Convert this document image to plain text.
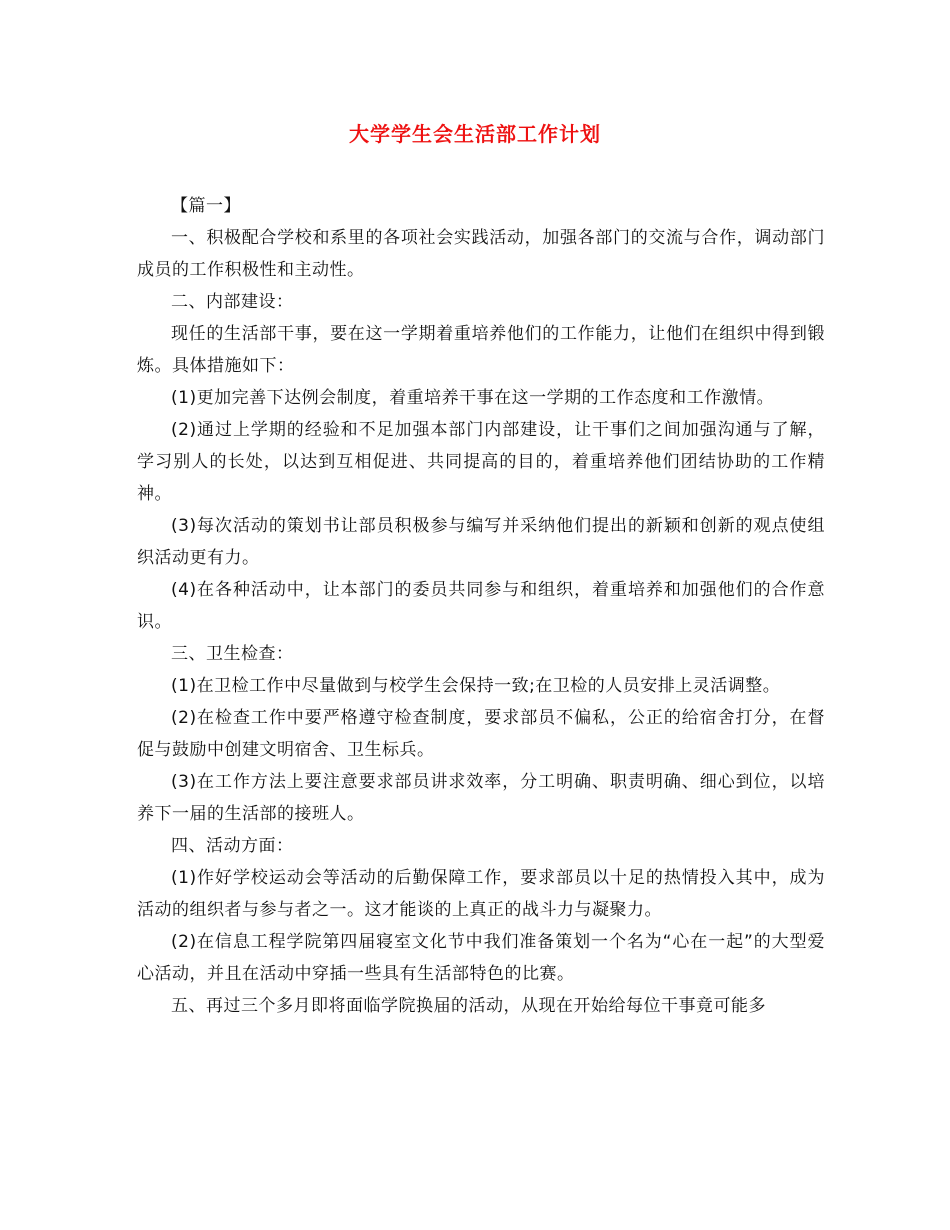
大学学生会生活部工作计划

【篇一】

一、积极配合学校和系里的各项社会实践活动，加强各部门的交流与合作，调动部门成员的工作积极性和主动性。

二、内部建设：

现任的生活部干事，要在这一学期着重培养他们的工作能力，让他们在组织中得到锻炼。具体措施如下：

(1)更加完善下达例会制度，着重培养干事在这一学期的工作态度和工作激情。

(2)通过上学期的经验和不足加强本部门内部建设，让干事们之间加强沟通与了解，学习别人的长处，以达到互相促进、共同提高的目的，着重培养他们团结协助的工作精神。

(3)每次活动的策划书让部员积极参与编写并采纳他们提出的新颖和创新的观点使组织活动更有力。

(4)在各种活动中，让本部门的委员共同参与和组织，着重培养和加强他们的合作意识。

三、卫生检查：

(1)在卫检工作中尽量做到与校学生会保持一致;在卫检的人员安排上灵活调整。

(2)在检查工作中要严格遵守检查制度，要求部员不偏私，公正的给宿舍打分，在督促与鼓励中创建文明宿舍、卫生标兵。

(3)在工作方法上要注意要求部员讲求效率，分工明确、职责明确、细心到位，以培养下一届的生活部的接班人。

四、活动方面：

(1)作好学校运动会等活动的后勤保障工作，要求部员以十足的热情投入其中，成为活动的组织者与参与者之一。这才能谈的上真正的战斗力与凝聚力。

(2)在信息工程学院第四届寝室文化节中我们准备策划一个名为“心在一起”的大型爱心活动，并且在活动中穿插一些具有生活部特色的比赛。

五、再过三个多月即将面临学院换届的活动，从现在开始给每位干事竟可能多
